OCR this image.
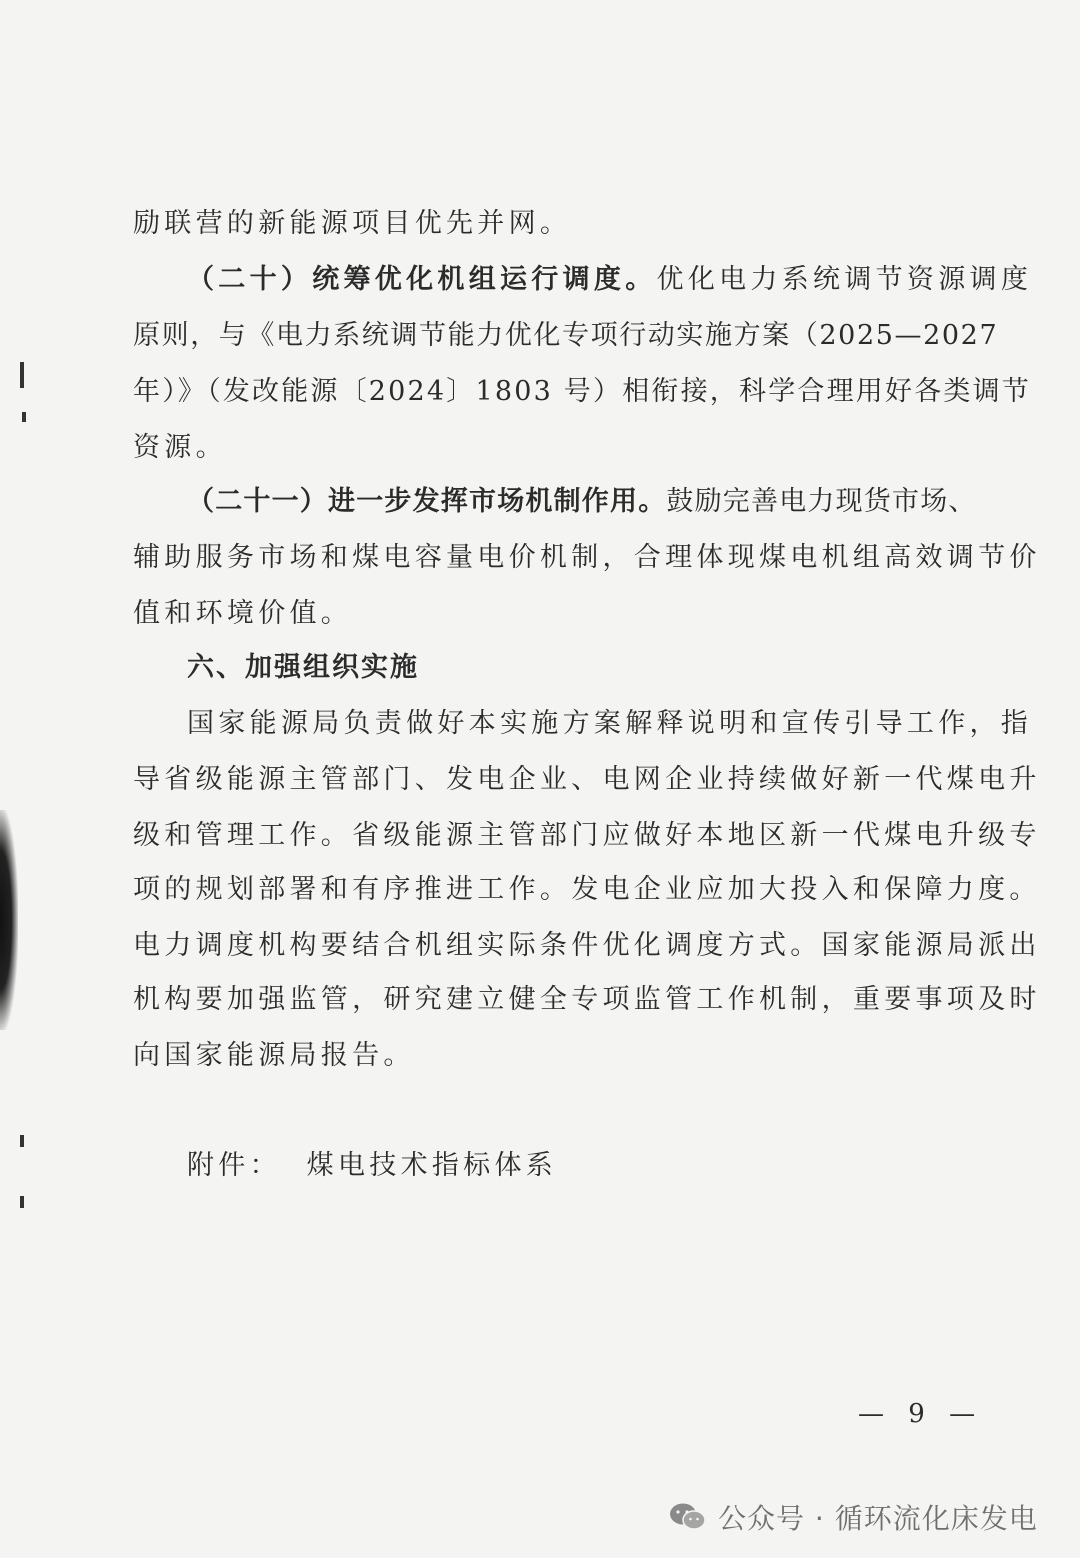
励联营的新能源项目优先并网。
（二十）统筹优化机组运行调度。优化电力系统调节资源调度
原则，与《电力系统调节能力优化专项行动实施方案（2025—2027
年）》（发改能源〔2024〕1803 号）相衔接，科学合理用好各类调节
资源。
（二十一）进一步发挥市场机制作用。鼓励完善电力现货市场、
辅助服务市场和煤电容量电价机制，合理体现煤电机组高效调节价
值和环境价值。
六、加强组织实施
国家能源局负责做好本实施方案解释说明和宣传引导工作，指
导省级能源主管部门、发电企业、电网企业持续做好新一代煤电升
级和管理工作。省级能源主管部门应做好本地区新一代煤电升级专
项的规划部署和有序推进工作。发电企业应加大投入和保障力度。
电力调度机构要结合机组实际条件优化调度方式。国家能源局派出
机构要加强监管，研究建立健全专项监管工作机制，重要事项及时
向国家能源局报告。
附件：  煤电技术指标体系
— 9 —
公众号 · 循环流化床发电
